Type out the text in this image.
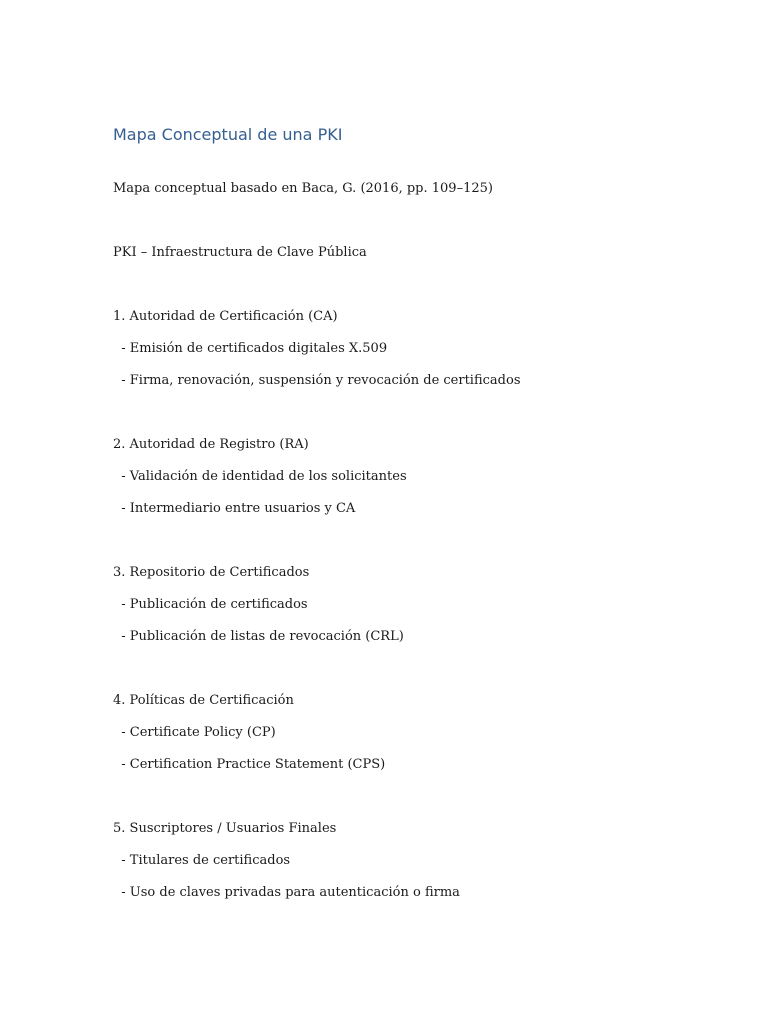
Mapa Conceptual de una PKI

Mapa conceptual basado en Baca, G. (2016, pp. 109–125)

PKI – Infraestructura de Clave Pública

1. Autoridad de Certificación (CA)

- Emisión de certificados digitales X.509

- Firma, renovación, suspensión y revocación de certificados

2. Autoridad de Registro (RA)

- Validación de identidad de los solicitantes

- Intermediario entre usuarios y CA

3. Repositorio de Certificados

- Publicación de certificados

- Publicación de listas de revocación (CRL)

4. Políticas de Certificación

- Certificate Policy (CP)

- Certification Practice Statement (CPS)

5. Suscriptores / Usuarios Finales

- Titulares de certificados

- Uso de claves privadas para autenticación o firma
